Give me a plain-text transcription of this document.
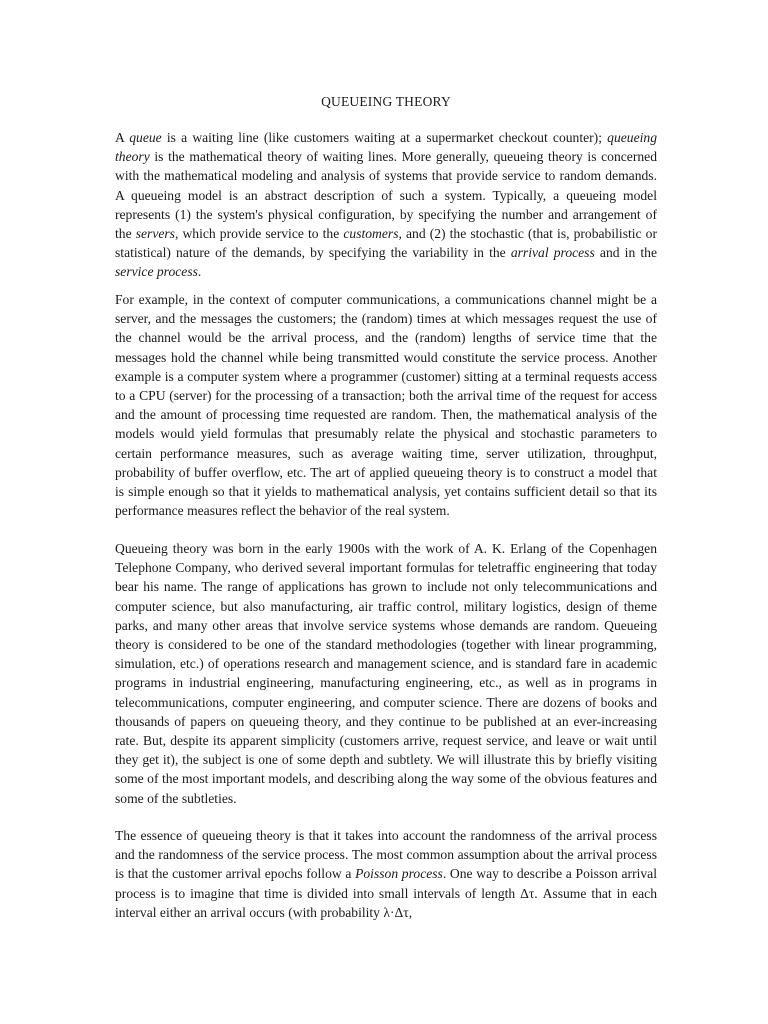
QUEUEING THEORY

A queue is a waiting line (like customers waiting at a supermarket checkout counter); queueing theory is the mathematical theory of waiting lines. More generally, queueing theory is concerned with the mathematical modeling and analysis of systems that provide service to random demands. A queueing model is an abstract description of such a system. Typically, a queueing model represents (1) the system's physical configuration, by specifying the number and arrangement of the servers, which provide service to the customers, and (2) the stochastic (that is, probabilistic or statistical) nature of the demands, by specifying the variability in the arrival process and in the service process.

For example, in the context of computer communications, a communications channel might be a server, and the messages the customers; the (random) times at which messages request the use of the channel would be the arrival process, and the (random) lengths of service time that the messages hold the channel while being transmitted would constitute the service process. Another example is a computer system where a programmer (customer) sitting at a terminal requests access to a CPU (server) for the processing of a transaction; both the arrival time of the request for access and the amount of processing time requested are random. Then, the mathematical analysis of the models would yield formulas that presumably relate the physical and stochastic parameters to certain performance measures, such as average waiting time, server utilization, throughput, probability of buffer overflow, etc. The art of applied queueing theory is to construct a model that is simple enough so that it yields to mathematical analysis, yet contains sufficient detail so that its performance measures reflect the behavior of the real system.

Queueing theory was born in the early 1900s with the work of A. K. Erlang of the Copenhagen Telephone Company, who derived several important formulas for teletraffic engineering that today bear his name. The range of applications has grown to include not only telecommunications and computer science, but also manufacturing, air traffic control, military logistics, design of theme parks, and many other areas that involve service systems whose demands are random. Queueing theory is considered to be one of the standard methodologies (together with linear programming, simulation, etc.) of operations research and management science, and is standard fare in academic programs in industrial engineering, manufacturing engineering, etc., as well as in programs in telecommunications, computer engineering, and computer science. There are dozens of books and thousands of papers on queueing theory, and they continue to be published at an ever-increasing rate. But, despite its apparent simplicity (customers arrive, request service, and leave or wait until they get it), the subject is one of some depth and subtlety. We will illustrate this by briefly visiting some of the most important models, and describing along the way some of the obvious features and some of the subtleties.

The essence of queueing theory is that it takes into account the randomness of the arrival process and the randomness of the service process. The most common assumption about the arrival process is that the customer arrival epochs follow a Poisson process. One way to describe a Poisson arrival process is to imagine that time is divided into small intervals of length Δτ. Assume that in each interval either an arrival occurs (with probability λ·Δτ,
